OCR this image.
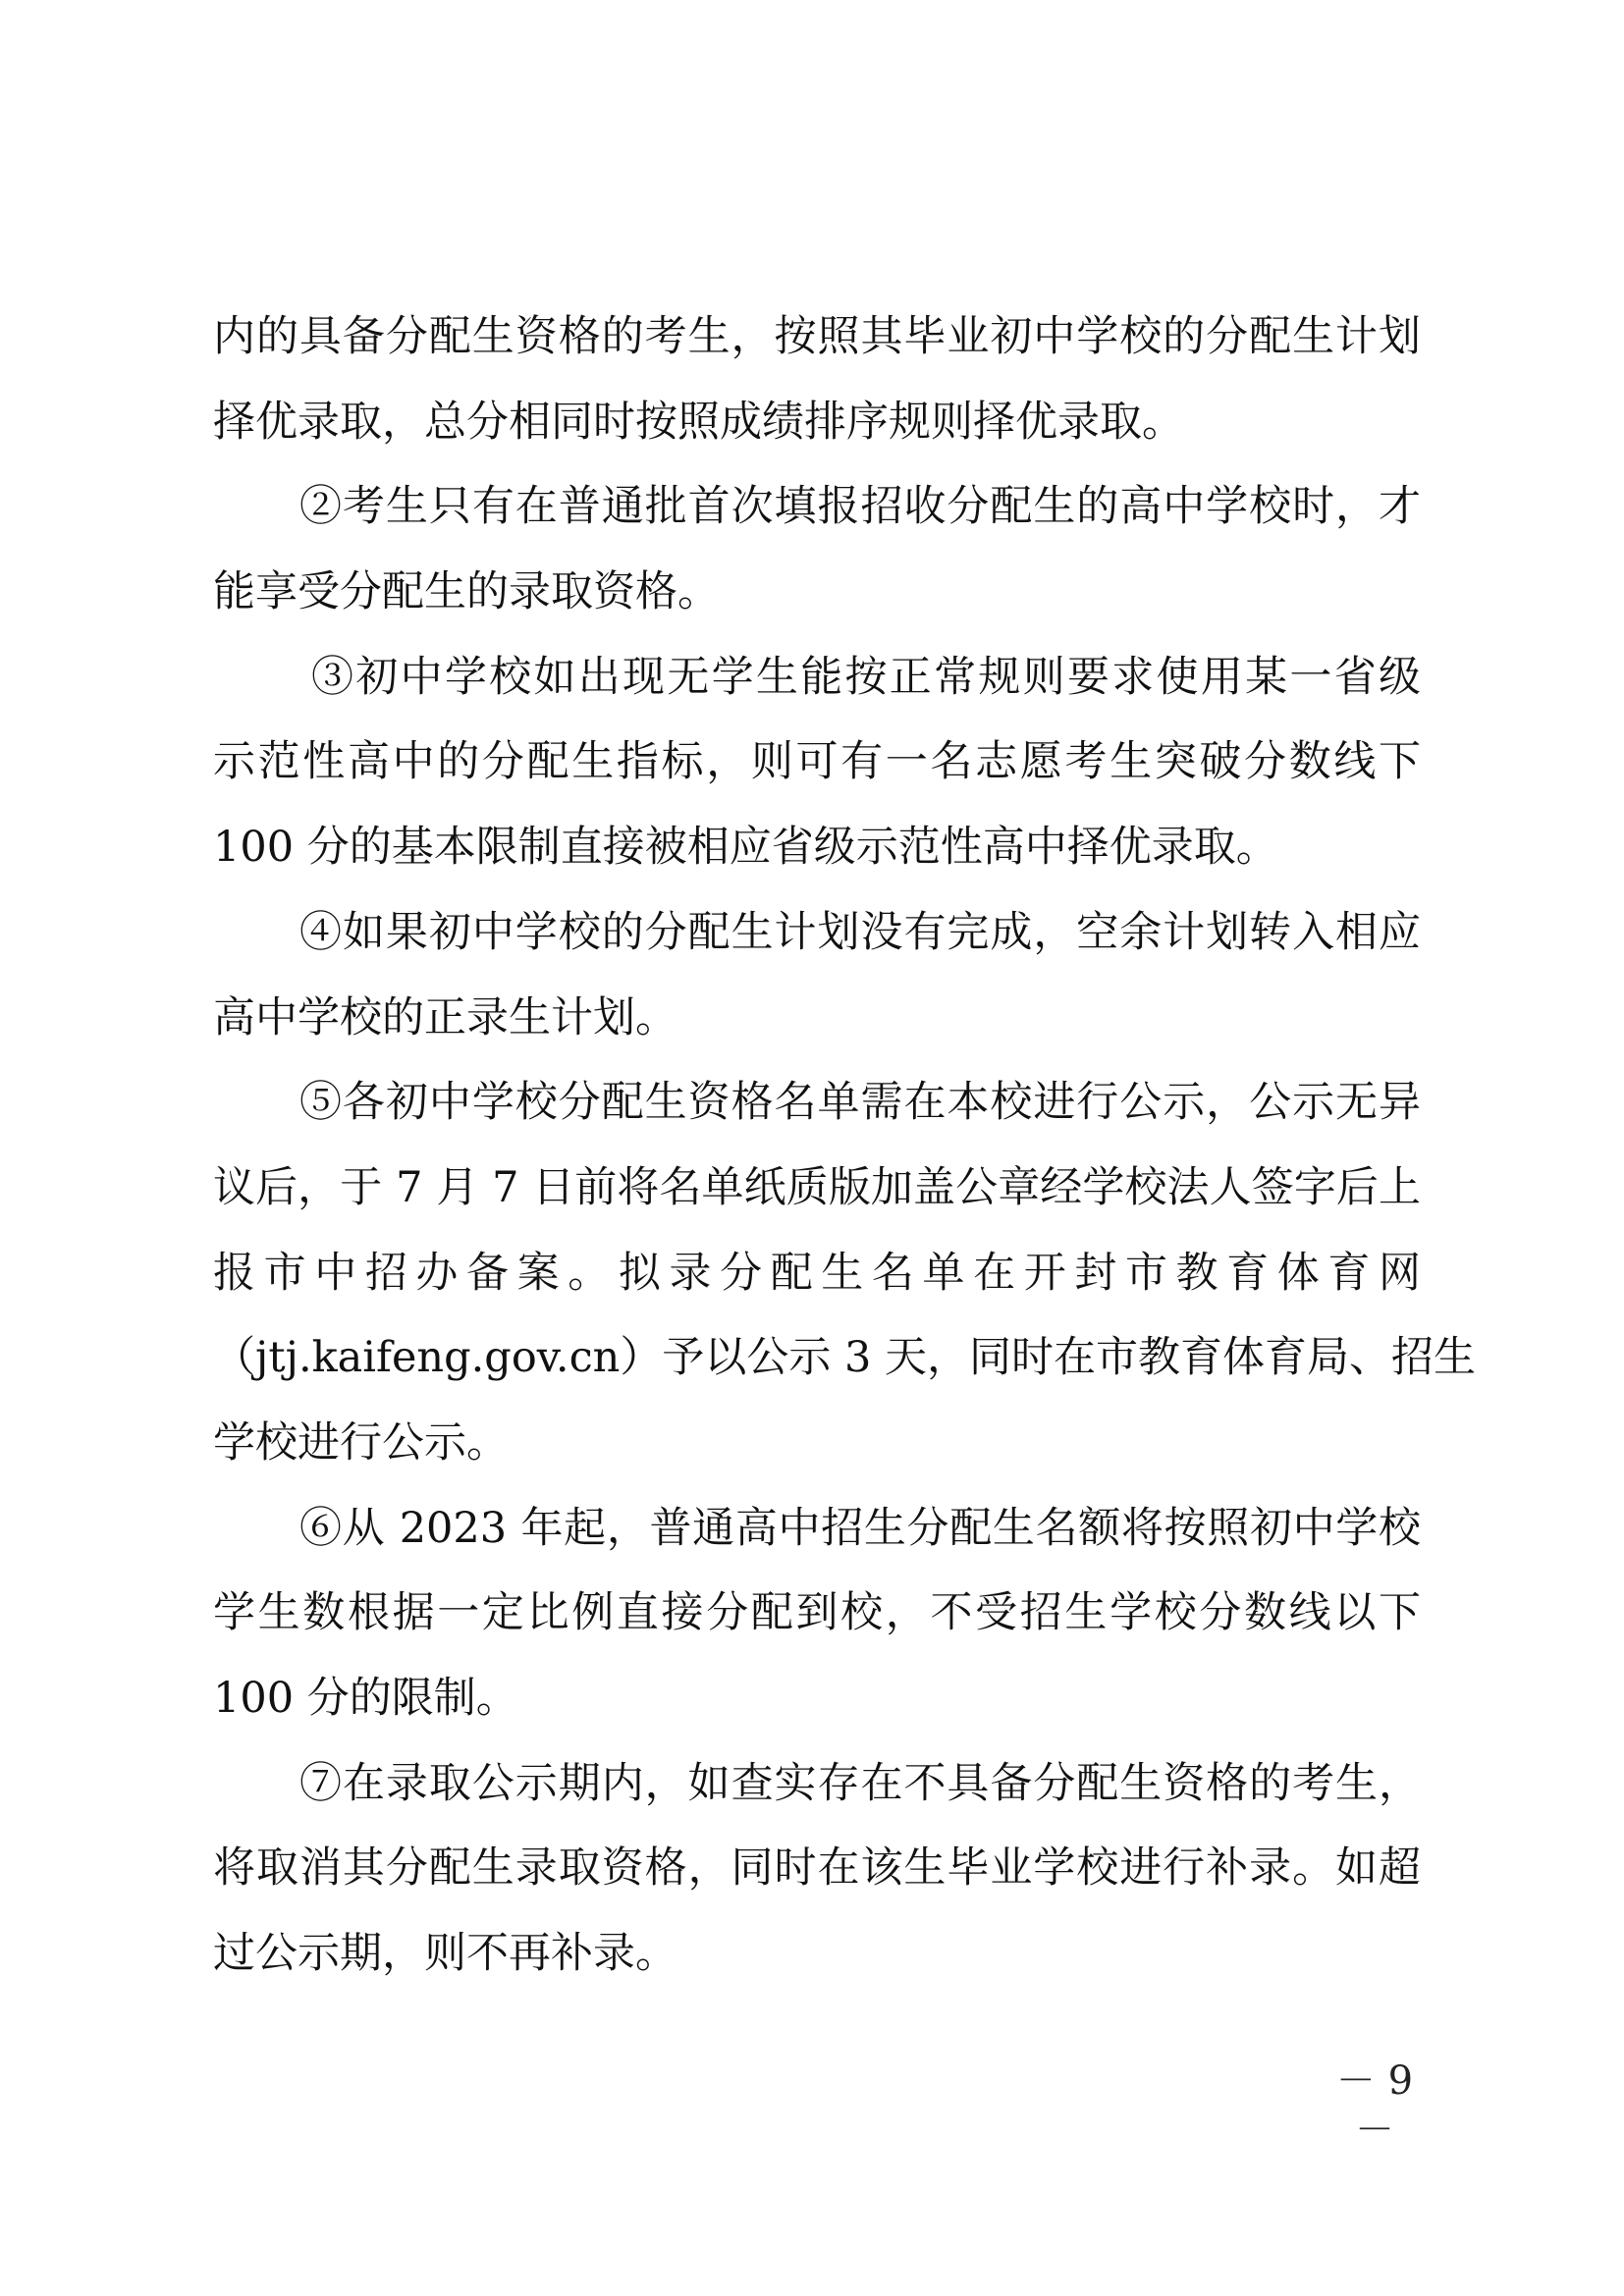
内的具备分配生资格的考生，按照其毕业初中学校的分配生计划
择优录取，总分相同时按照成绩排序规则择优录取。
②考生只有在普通批首次填报招收分配生的高中学校时，才
能享受分配生的录取资格。
③初中学校如出现无学生能按正常规则要求使用某一省级
示范性高中的分配生指标，则可有一名志愿考生突破分数线下
100 分的基本限制直接被相应省级示范性高中择优录取。
④如果初中学校的分配生计划没有完成，空余计划转入相应
高中学校的正录生计划。
⑤各初中学校分配生资格名单需在本校进行公示，公示无异
议后，于 7 月 7 日前将名单纸质版加盖公章经学校法人签字后上
报市中招办备案。拟录分配生名单在开封市教育体育网
（jtj.kaifeng.gov.cn）予以公示 3 天，同时在市教育体育局、招生
学校进行公示。
⑥从 2023 年起，普通高中招生分配生名额将按照初中学校
学生数根据一定比例直接分配到校，不受招生学校分数线以下
100 分的限制。
⑦在录取公示期内，如查实存在不具备分配生资格的考生，
将取消其分配生录取资格，同时在该生毕业学校进行补录。如超
过公示期，则不再补录。
－ 9 －
